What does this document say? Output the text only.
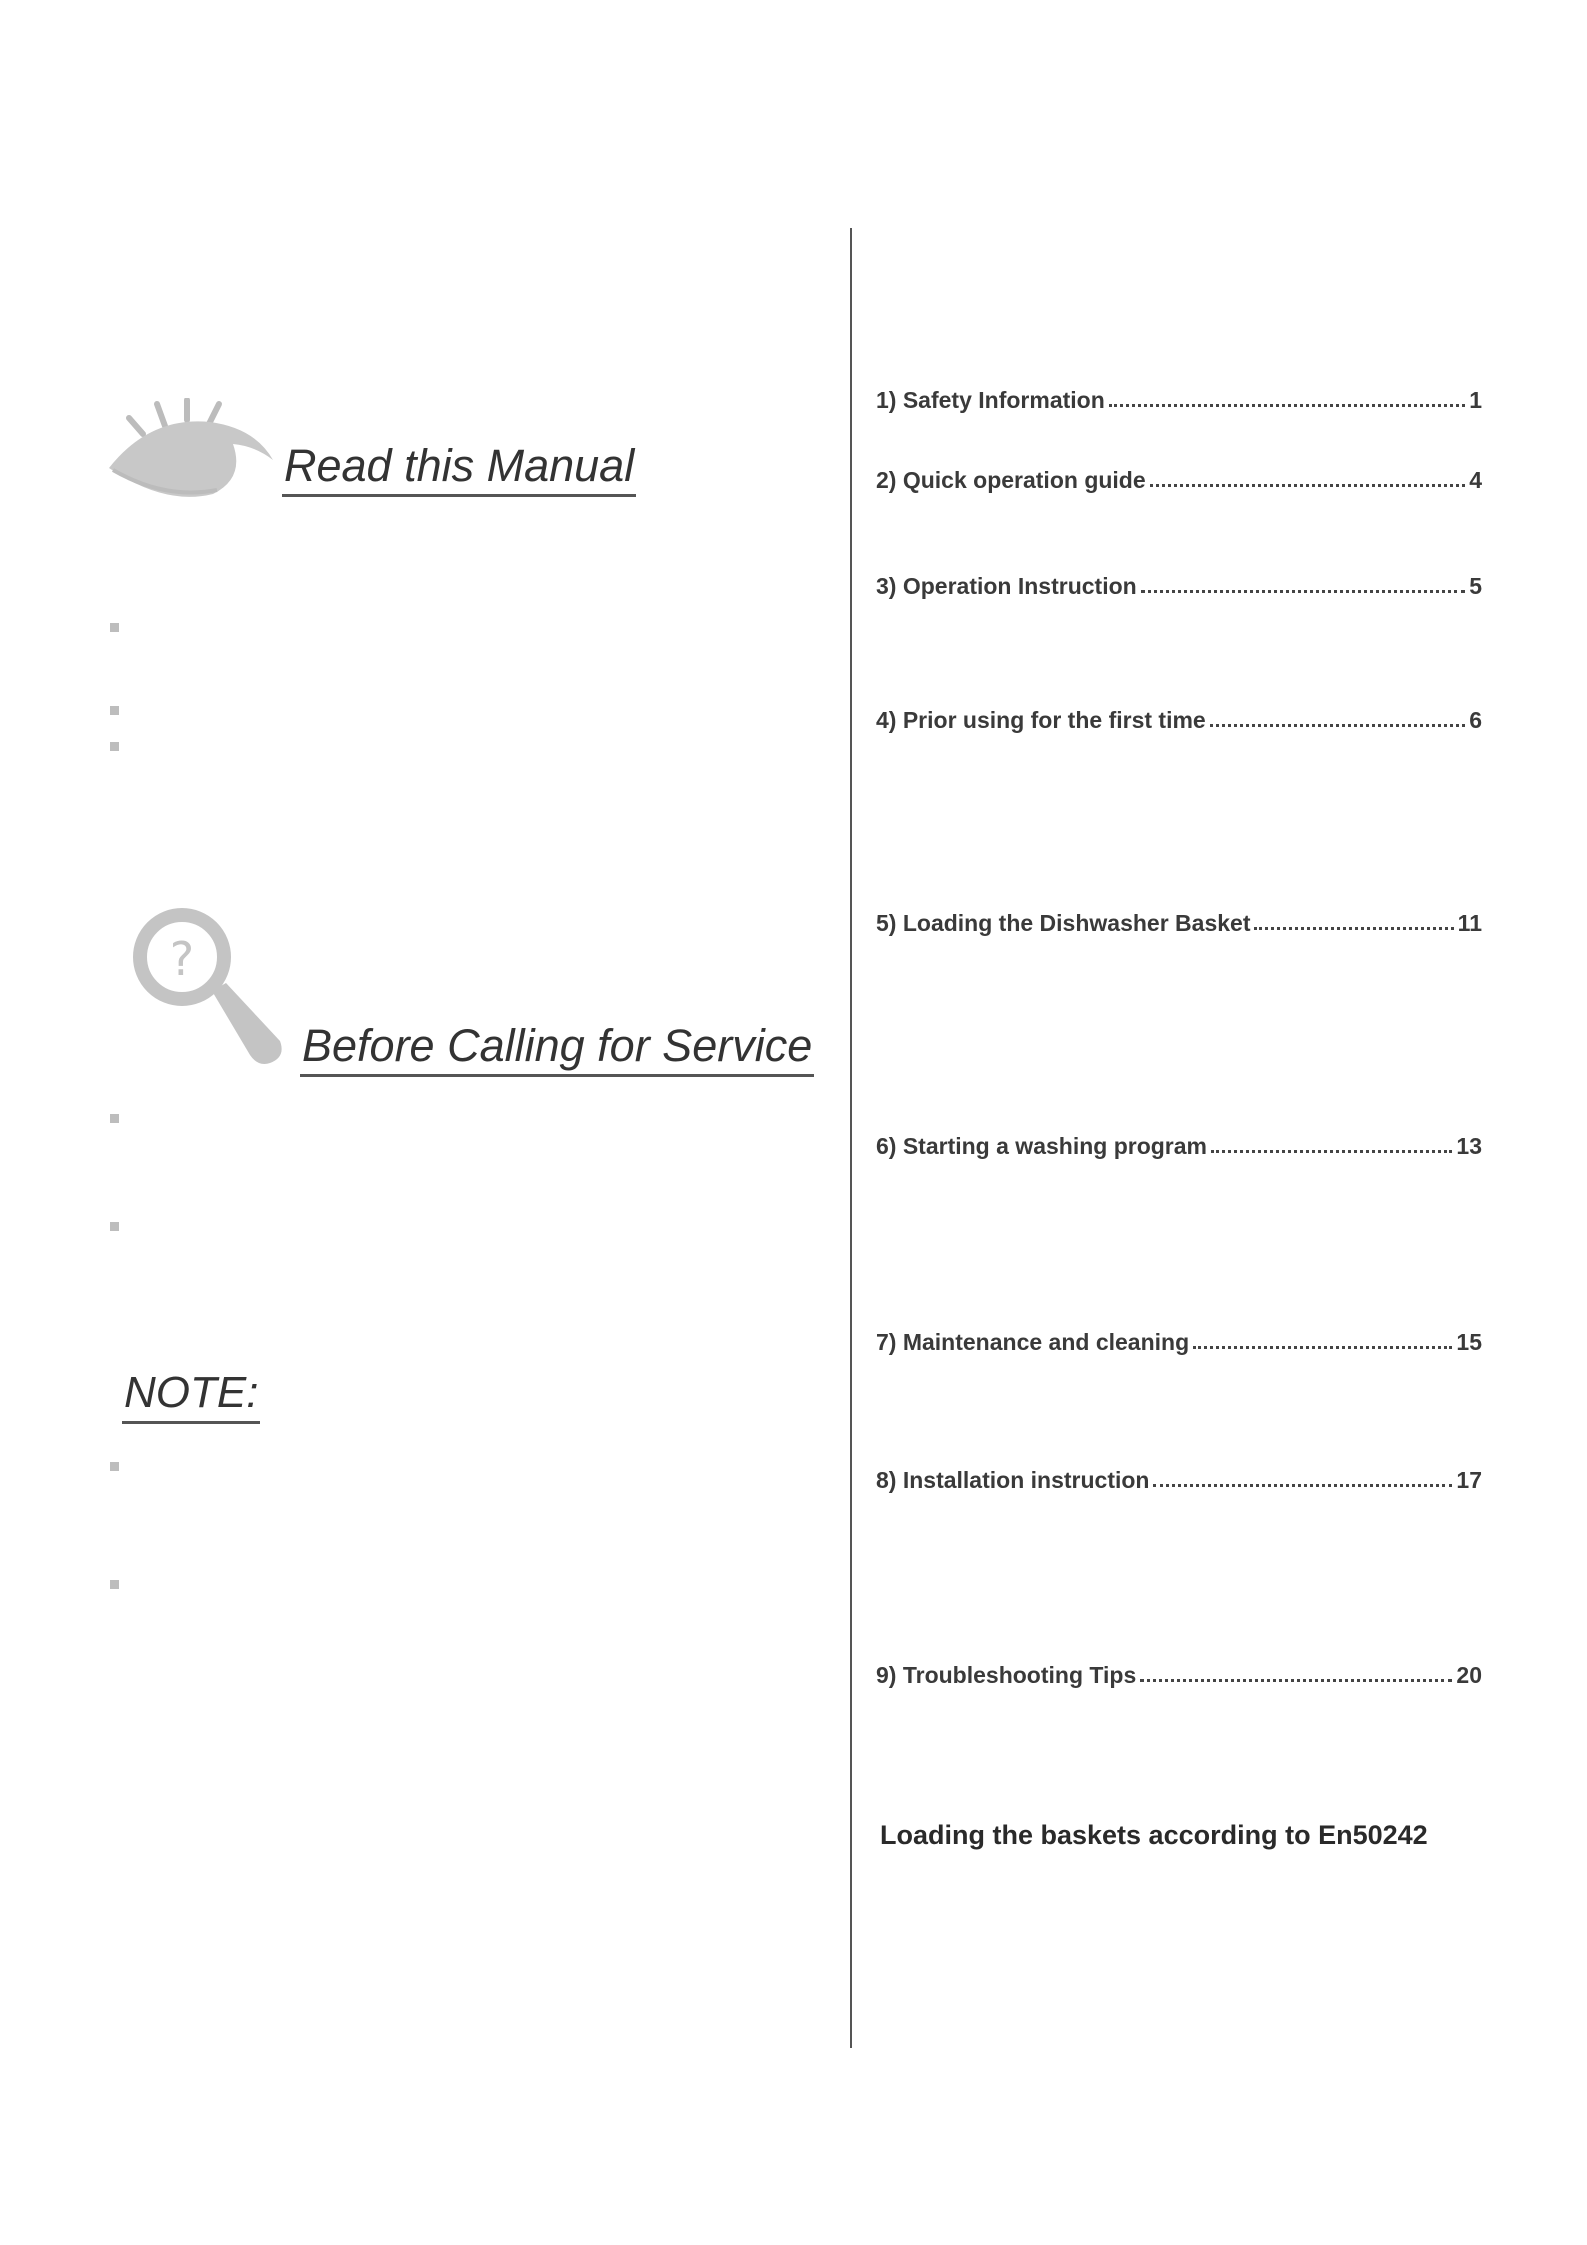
Read this Manual
?
Before Calling for Service
NOTE:
1) Safety Information	1
2) Quick operation guide	4
3) Operation Instruction	5
4) Prior using for the first time	6
5) Loading the Dishwasher Basket	11
6) Starting a washing program	13
7) Maintenance and cleaning	15
8) Installation instruction	17
9) Troubleshooting Tips	20
Loading the baskets according to En50242
